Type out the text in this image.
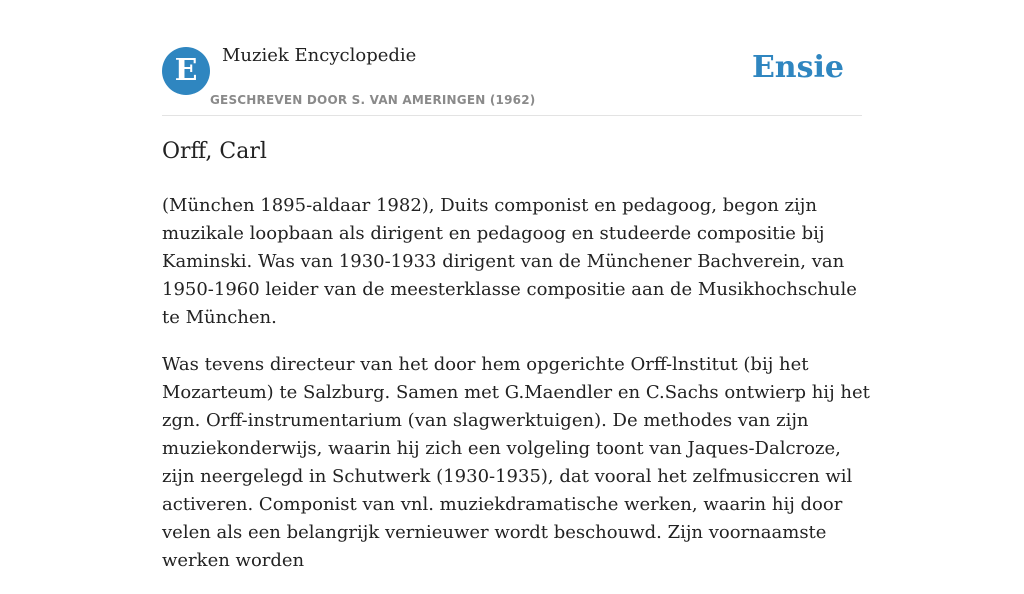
E	Muziek Encyclopedie
GESCHREVEN DOOR S. VAN AMERINGEN (1962)
Ensie
Orff, Carl

(München 1895-aldaar 1982), Duits componist en pedagoog, begon zijn muzikale loopbaan als dirigent en pedagoog en studeerde compositie bij Kaminski. Was van 1930-1933 dirigent van de Münchener Bachverein, van 1950-1960 leider van de meesterklasse compositie aan de Musikhochschule te München.

Was tevens directeur van het door hem opgerichte Orff-lnstitut (bij het Mozarteum) te Salzburg. Samen met G.Maendler en C.Sachs ontwierp hij het zgn. Orff-instrumentarium (van slagwerktuigen). De methodes van zijn muziekonderwijs, waarin hij zich een volgeling toont van Jaques-Dalcroze, zijn neergelegd in Schutwerk (1930-1935), dat vooral het zelfmusiccren wil activeren. Componist van vnl. muziekdramatische werken, waarin hij door velen als een belangrijk vernieuwer wordt beschouwd. Zijn voornaamste werken worden
